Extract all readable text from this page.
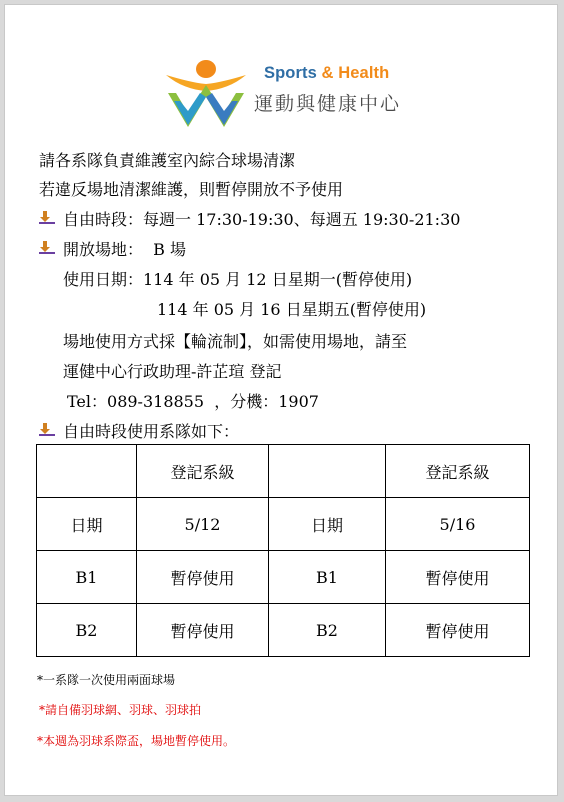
Sports & Health
運動與健康中心
請各系隊負責維護室內綜合球場清潔
若違反場地清潔維護，則暫停開放不予使用
自由時段：每週一 17:30-19:30、每週五 19:30-21:30
開放場地：  B 場
使用日期：114 年 05 月 12 日星期一(暫停使用)
114 年 05 月 16 日星期五(暫停使用)
場地使用方式採【輪流制】，如需使用場地，請至
運健中心行政助理-許芷瑄 登記
Tel：089-318855  ，分機：1907
自由時段使用系隊如下：
	登記系級		登記系級
日期	5/12	日期	5/16
B1	暫停使用	B1	暫停使用
B2	暫停使用	B2	暫停使用
*一系隊一次使用兩面球場
*請自備羽球網、羽球、羽球拍
*本週為羽球系際盃，場地暫停使用。
